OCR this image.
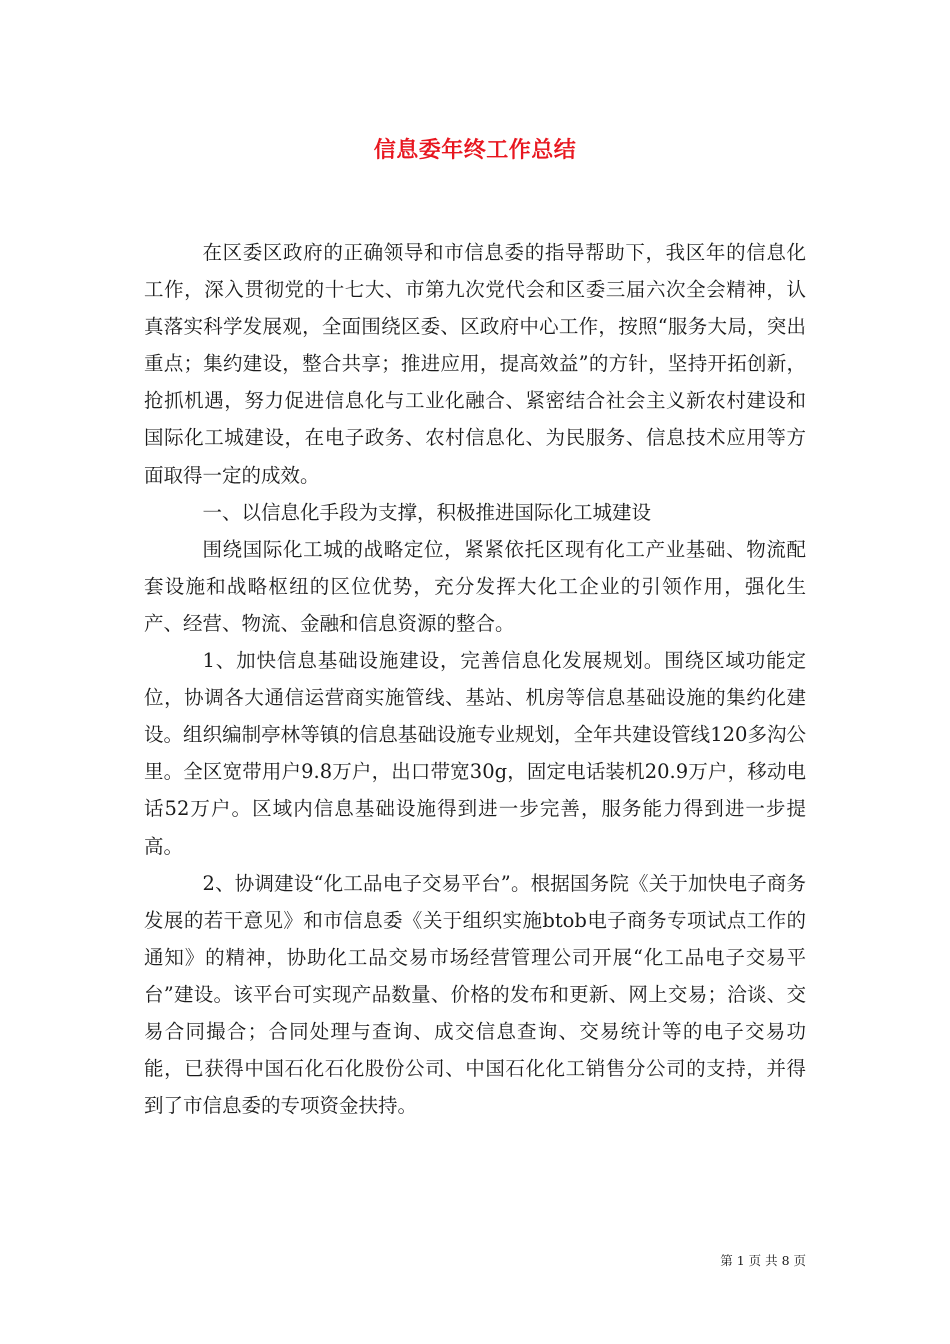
信息委年终工作总结

在区委区政府的正确领导和市信息委的指导帮助下，我区年的信息化工作，深入贯彻党的十七大、市第九次党代会和区委三届六次全会精神，认真落实科学发展观，全面围绕区委、区政府中心工作，按照“服务大局，突出重点；集约建设，整合共享；推进应用，提高效益”的方针，坚持开拓创新，抢抓机遇，努力促进信息化与工业化融合、紧密结合社会主义新农村建设和国际化工城建设，在电子政务、农村信息化、为民服务、信息技术应用等方面取得一定的成效。

一、以信息化手段为支撑，积极推进国际化工城建设

围绕国际化工城的战略定位，紧紧依托区现有化工产业基础、物流配套设施和战略枢纽的区位优势，充分发挥大化工企业的引领作用，强化生产、经营、物流、金融和信息资源的整合。

1、加快信息基础设施建设，完善信息化发展规划。围绕区域功能定位，协调各大通信运营商实施管线、基站、机房等信息基础设施的集约化建设。组织编制亭林等镇的信息基础设施专业规划，全年共建设管线120多沟公里。全区宽带用户9.8万户，出口带宽30g，固定电话装机20.9万户，移动电话52万户。区域内信息基础设施得到进一步完善，服务能力得到进一步提高。

2、协调建设“化工品电子交易平台”。根据国务院《关于加快电子商务发展的若干意见》和市信息委《关于组织实施btob电子商务专项试点工作的通知》的精神，协助化工品交易市场经营管理公司开展“化工品电子交易平台”建设。该平台可实现产品数量、价格的发布和更新、网上交易；洽谈、交易合同撮合；合同处理与查询、成交信息查询、交易统计等的电子交易功能，已获得中国石化石化股份公司、中国石化化工销售分公司的支持，并得到了市信息委的专项资金扶持。

第 1 页 共 8 页
